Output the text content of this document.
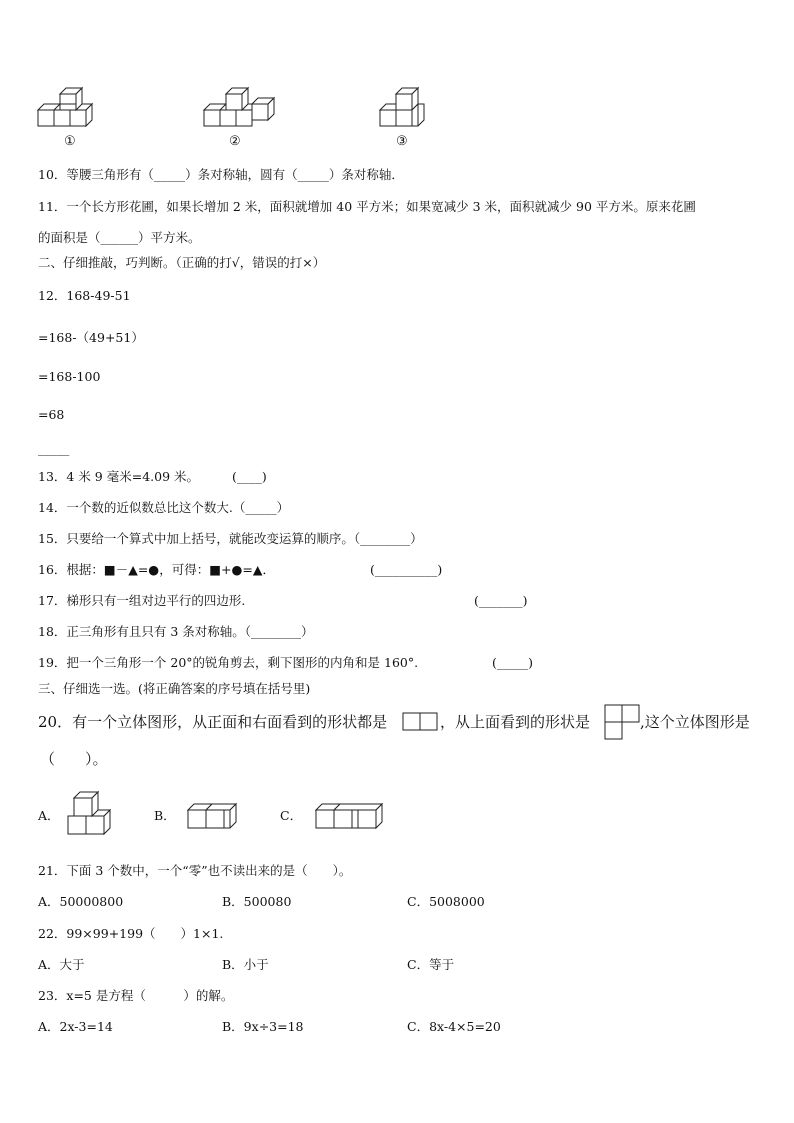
①	②	③
10．等腰三角形有（_____）条对称轴，圆有（_____）条对称轴．
11．一个长方形花圃，如果长增加 2 米，面积就增加 40 平方米；如果宽减少 3 米，面积就减少 90 平方米。原来花圃
的面积是（______）平方米。
二、仔细推敲，巧判断。（正确的打√，错误的打×）
12．168-49-51
=168-（49+51）
=168-100
=68
_____
13．4 米 9 毫米=4.09 米。	(____)
14．一个数的近似数总比这个数大.（_____）
15．只要给一个算式中加上括号，就能改变运算的顺序。（________）
16．根据：■－▲=●，可得：■+●=▲．	(__________)
17．梯形只有一组对边平行的四边形.	(_______)
18．正三角形有且只有 3 条对称轴。（________）
19．把一个三角形一个 20°的锐角剪去，剩下图形的内角和是 160°.	(_____)
三、仔细选一选。(将正确答案的序号填在括号里)
20．有一个立体图形，从正面和右面看到的形状都是	，从上面看到的形状是	,这个立体图形是
（　　）。
A．	B．	C．
21．下面 3 个数中，一个“零”也不读出来的是（　　）。
A．50000800	B．500080	C．5008000
22．99×99+199（　　）1×1.
A．大于	B．小于	C．等于
23．x=5 是方程（　　　）的解。
A．2x-3=14	B．9x÷3=18	C．8x-4×5=20
